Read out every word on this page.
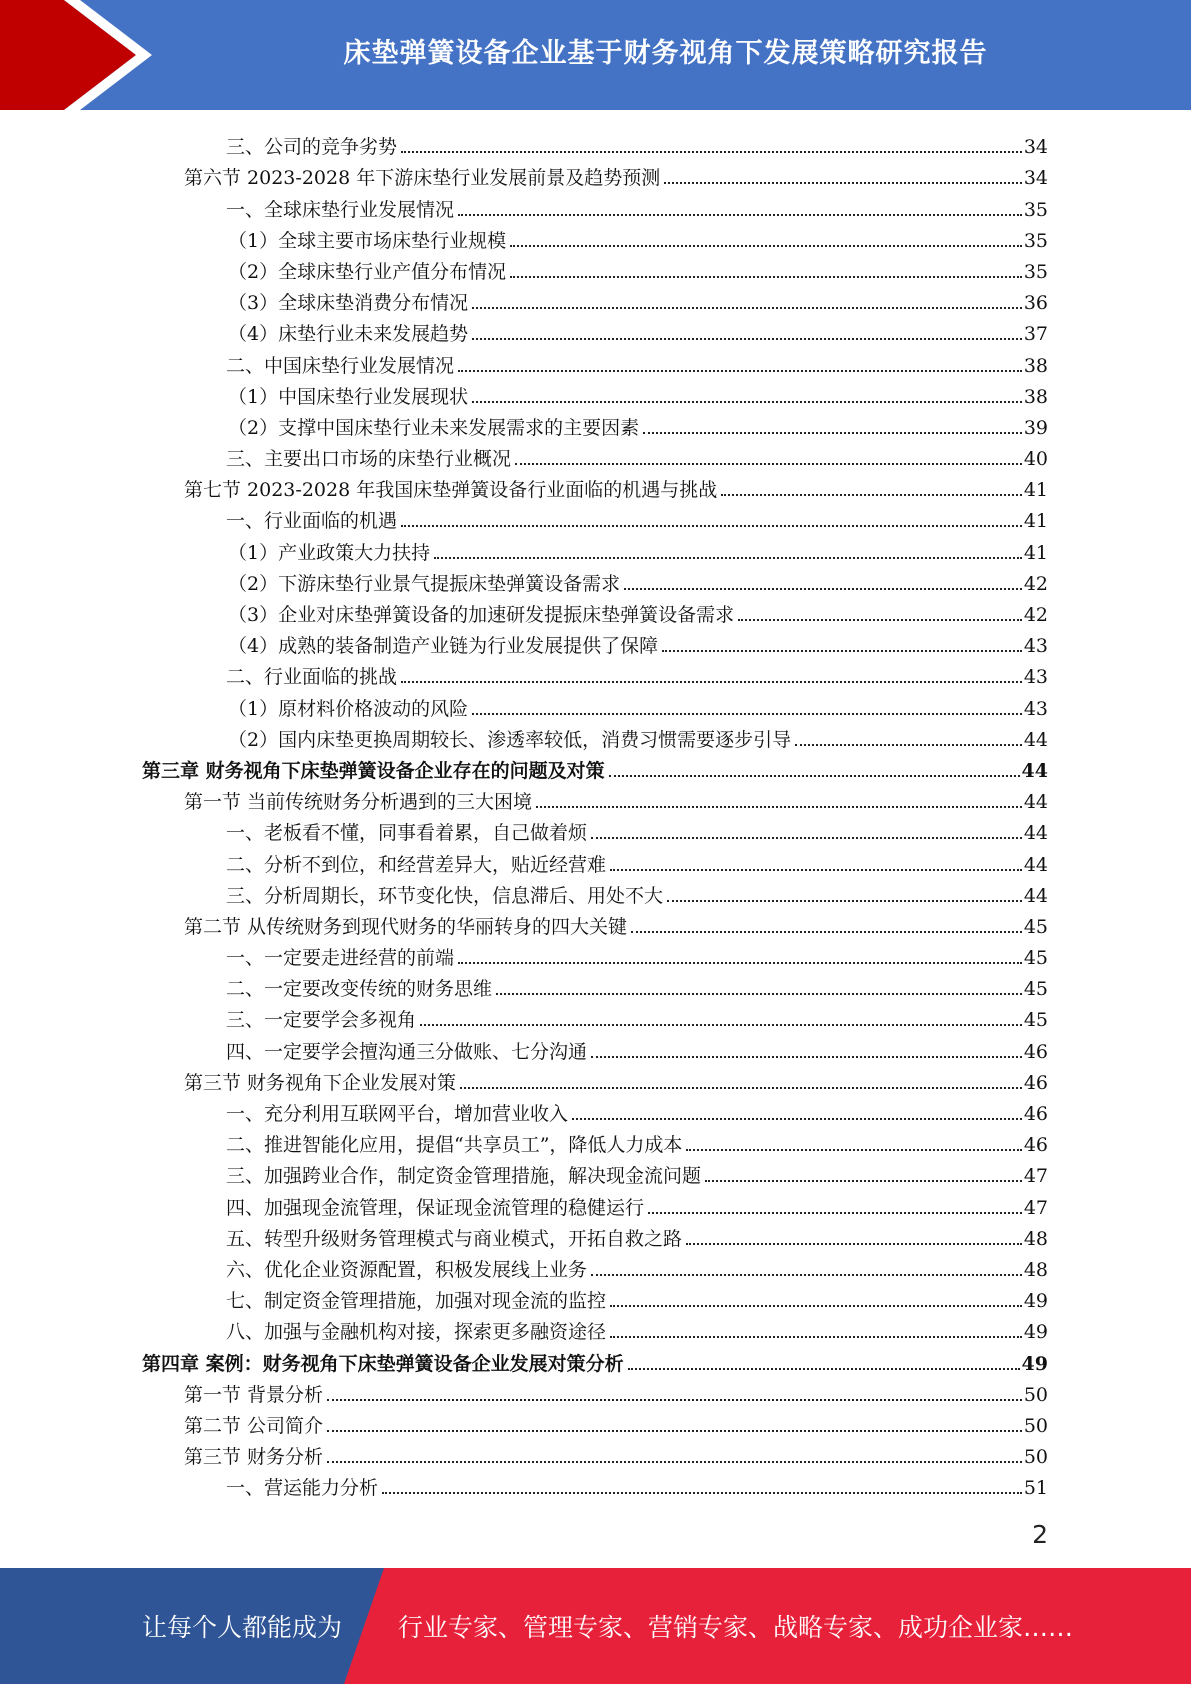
床垫弹簧设备企业基于财务视角下发展策略研究报告
三、公司的竞争劣势	34
第六节 2023-2028 年下游床垫行业发展前景及趋势预测	34
一、全球床垫行业发展情况	35
（1）全球主要市场床垫行业规模	35
（2）全球床垫行业产值分布情况	35
（3）全球床垫消费分布情况	36
（4）床垫行业未来发展趋势	37
二、中国床垫行业发展情况	38
（1）中国床垫行业发展现状	38
（2）支撑中国床垫行业未来发展需求的主要因素	39
三、主要出口市场的床垫行业概况	40
第七节 2023-2028 年我国床垫弹簧设备行业面临的机遇与挑战	41
一、行业面临的机遇	41
（1）产业政策大力扶持	41
（2）下游床垫行业景气提振床垫弹簧设备需求	42
（3）企业对床垫弹簧设备的加速研发提振床垫弹簧设备需求	42
（4）成熟的装备制造产业链为行业发展提供了保障	43
二、行业面临的挑战	43
（1）原材料价格波动的风险	43
（2）国内床垫更换周期较长、渗透率较低，消费习惯需要逐步引导	44
第三章 财务视角下床垫弹簧设备企业存在的问题及对策	44
第一节 当前传统财务分析遇到的三大困境	44
一、老板看不懂，同事看着累，自己做着烦	44
二、分析不到位，和经营差异大，贴近经营难	44
三、分析周期长，环节变化快，信息滞后、用处不大	44
第二节 从传统财务到现代财务的华丽转身的四大关键	45
一、一定要走进经营的前端	45
二、一定要改变传统的财务思维	45
三、一定要学会多视角	45
四、一定要学会擅沟通三分做账、七分沟通	46
第三节 财务视角下企业发展对策	46
一、充分利用互联网平台，增加营业收入	46
二、推进智能化应用，提倡“共享员工”，降低人力成本	46
三、加强跨业合作，制定资金管理措施，解决现金流问题	47
四、加强现金流管理，保证现金流管理的稳健运行	47
五、转型升级财务管理模式与商业模式，开拓自救之路	48
六、优化企业资源配置，积极发展线上业务	48
七、制定资金管理措施，加强对现金流的监控	49
八、加强与金融机构对接，探索更多融资途径	49
第四章 案例：财务视角下床垫弹簧设备企业发展对策分析	49
第一节 背景分析	50
第二节 公司简介	50
第三节 财务分析	50
一、营运能力分析	51
2
让每个人都能成为 行业专家、管理专家、营销专家、战略专家、成功企业家……
